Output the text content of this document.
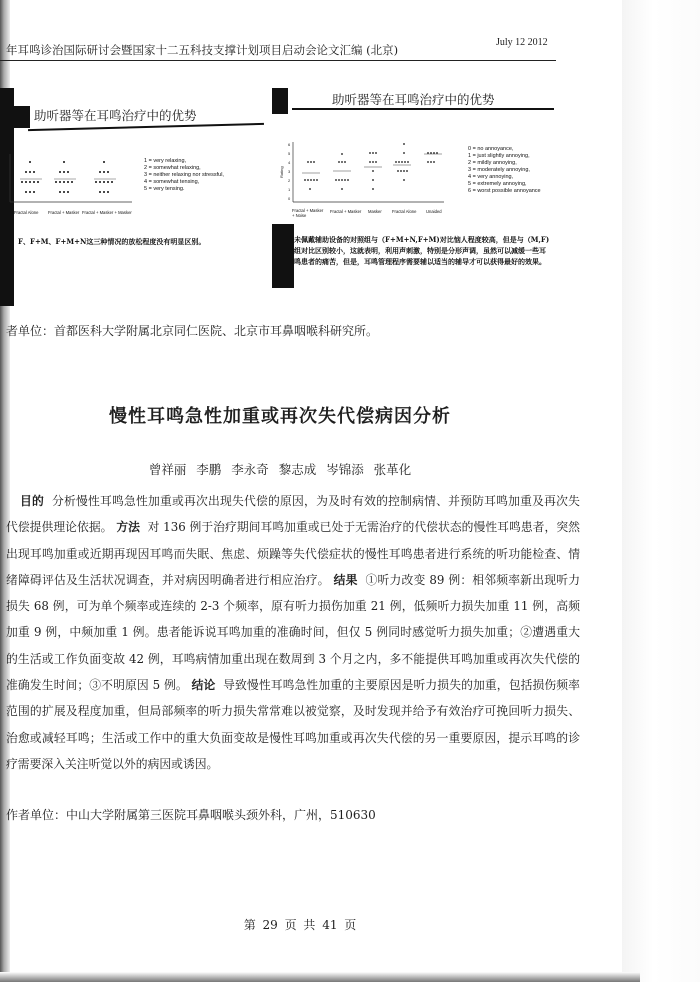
年耳鸣诊治国际研讨会暨国家十二五科技支撑计划项目启动会论文汇编 (北京)
July 12 2012
助听器等在耳鸣治疗中的优势
Fractal Alone Fractal + Masker Fractal + Masker + Masker
1 = very relaxing,
2 = somewhat relaxing,
3 = neither relaxing nor stressful,
4 = somewhat tensing,
5 = very tensing.
F、F+M、F+M+N这三种情况的放松程度没有明显区别。
助听器等在耳鸣治疗中的优势
Rating
6
5
4
3
2
1
0
Fractal + Masker + Noise
Fractal + Masker Masker Fractal Alone Unaided
0 = no annoyance,
1 = just slightly annoying,
2 = mildly annoying,
3 = moderately annoying,
4 = very annoying,
5 = extremely annoying,
6 = worst possible annoyance
未佩戴辅助设备的对照组与（F+M+N,F+M)对比恼人程度较高，但是与（M,F)组对比区别较小，这就表明，利用声刺激，特别是分形声调，虽然可以减缓一些耳鸣患者的痛苦，但是，耳鸣管理程序需要辅以适当的辅导才可以获得最好的效果。
者单位：首都医科大学附属北京同仁医院、北京市耳鼻咽喉科研究所。
慢性耳鸣急性加重或再次失代偿病因分析
曾祥丽 李鹏 李永奇 黎志成 岑锦添 张革化
目的 分析慢性耳鸣急性加重或再次出现失代偿的原因，为及时有效的控制病情、并预防耳鸣加重及再次失代偿提供理论依据。 方法 对 136 例于治疗期间耳鸣加重或已处于无需治疗的代偿状态的慢性耳鸣患者，突然出现耳鸣加重或近期再现因耳鸣而失眠、焦虑、烦躁等失代偿症状的慢性耳鸣患者进行系统的听功能检查、情绪障碍评估及生活状况调查，并对病因明确者进行相应治疗。 结果 ①听力改变 89 例：相邻频率新出现听力损失 68 例，可为单个频率或连续的 2-3 个频率，原有听力损伤加重 21 例，低频听力损失加重 11 例，高频加重 9 例，中频加重 1 例。患者能诉说耳鸣加重的准确时间，但仅 5 例同时感觉听力损失加重；②遭遇重大的生活或工作负面变故 42 例，耳鸣病情加重出现在数周到 3 个月之内，多不能提供耳鸣加重或再次失代偿的准确发生时间；③不明原因 5 例。 结论 导致慢性耳鸣急性加重的主要原因是听力损失的加重，包括损伤频率范围的扩展及程度加重，但局部频率的听力损失常常难以被觉察，及时发现并给予有效治疗可挽回听力损失、治愈或减轻耳鸣；生活或工作中的重大负面变故是慢性耳鸣加重或再次失代偿的另一重要原因，提示耳鸣的诊疗需要深入关注听觉以外的病因或诱因。
作者单位：中山大学附属第三医院耳鼻咽喉头颈外科，广州，510630
第 29 页 共 41 页
